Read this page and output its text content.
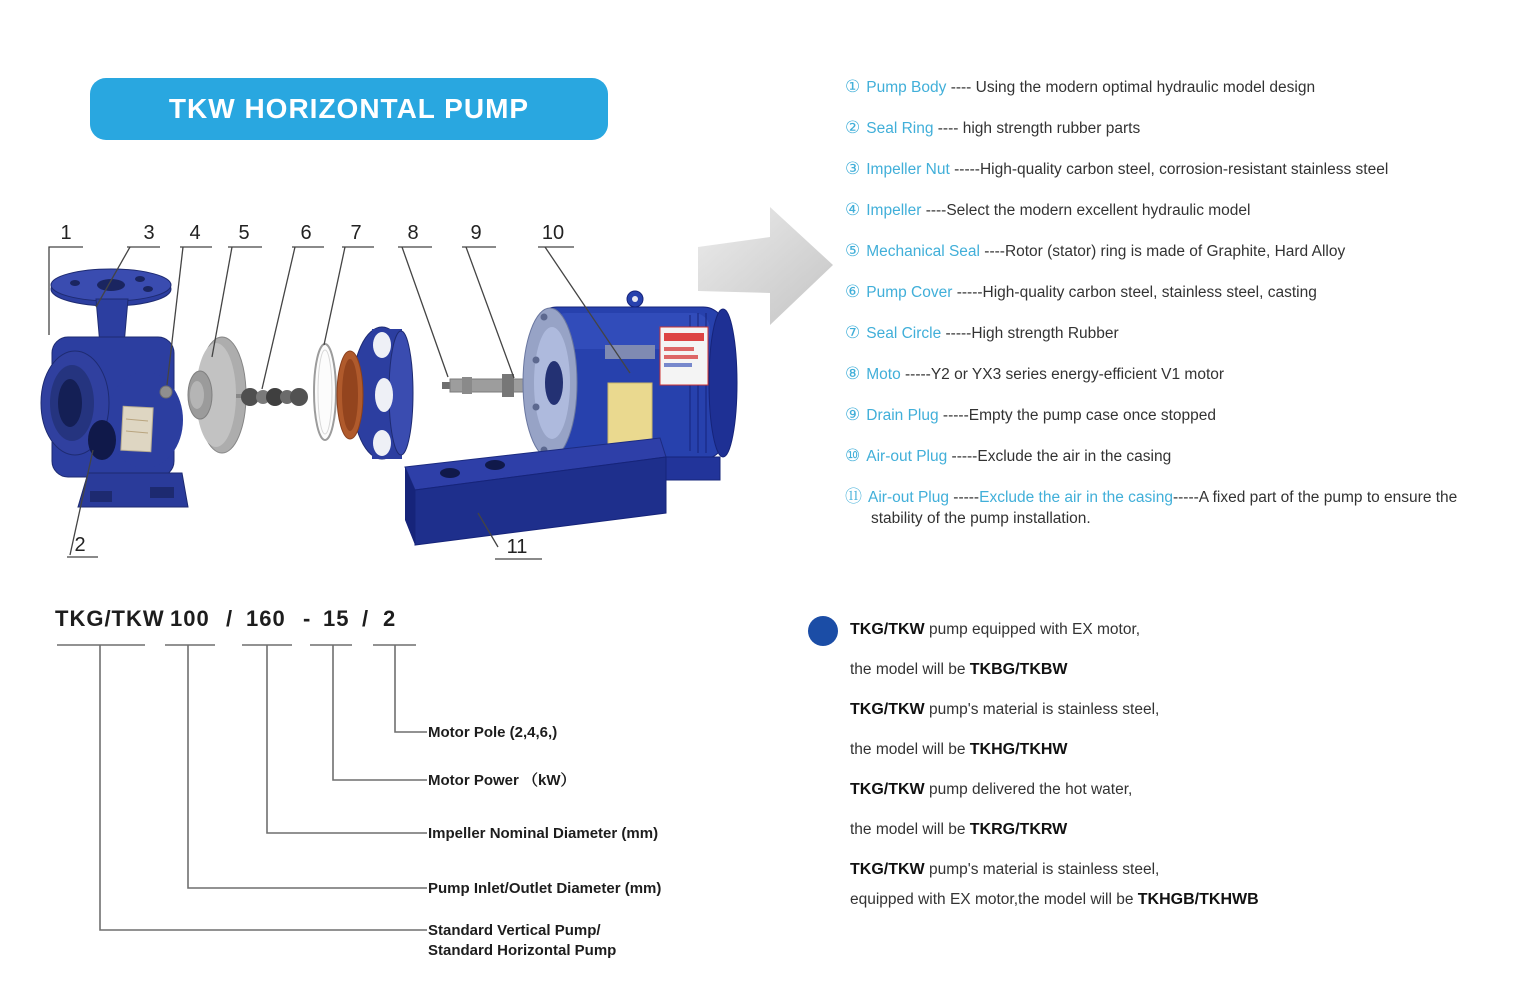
TKW HORIZONTAL PUMP
1	3 4 5	6 7 8	9	10
2	11
TKG/TKW 100 / 160 - 15 / 2
Motor Pole (2,4,6,)
Motor Power （kW）
Impeller Nominal Diameter (mm)
Pump Inlet/Outlet Diameter (mm)
Standard Vertical Pump/
Standard Horizontal Pump
TKG/TKW pump equipped with EX motor,
the model will be TKBG/TKBW
TKG/TKW pump's material is stainless steel,
the model will be TKHG/TKHW
TKG/TKW pump delivered the hot water,
the model will be TKRG/TKRW
TKG/TKW pump's material is stainless steel,
equipped with EX motor,the model will be TKHGB/TKHWB
① Pump Body ---- Using the modern optimal hydraulic model design
② Seal Ring ---- high strength rubber parts
③ Impeller Nut -----High-quality carbon steel, corrosion-resistant stainless steel
④ Impeller ----Select the modern excellent hydraulic model
⑤ Mechanical Seal ----Rotor (stator) ring is made of Graphite, Hard Alloy
⑥ Pump Cover -----High-quality carbon steel, stainless steel, casting
⑦ Seal Circle -----High strength Rubber
⑧ Moto -----Y2 or YX3 series energy-efficient V1 motor
⑨ Drain Plug -----Empty the pump case once stopped
⑩ Air-out Plug -----Exclude the air in the casing
⑪ Air-out Plug -----Exclude the air in the casing-----A fixed part of the pump to ensure the stability of the pump installation.
